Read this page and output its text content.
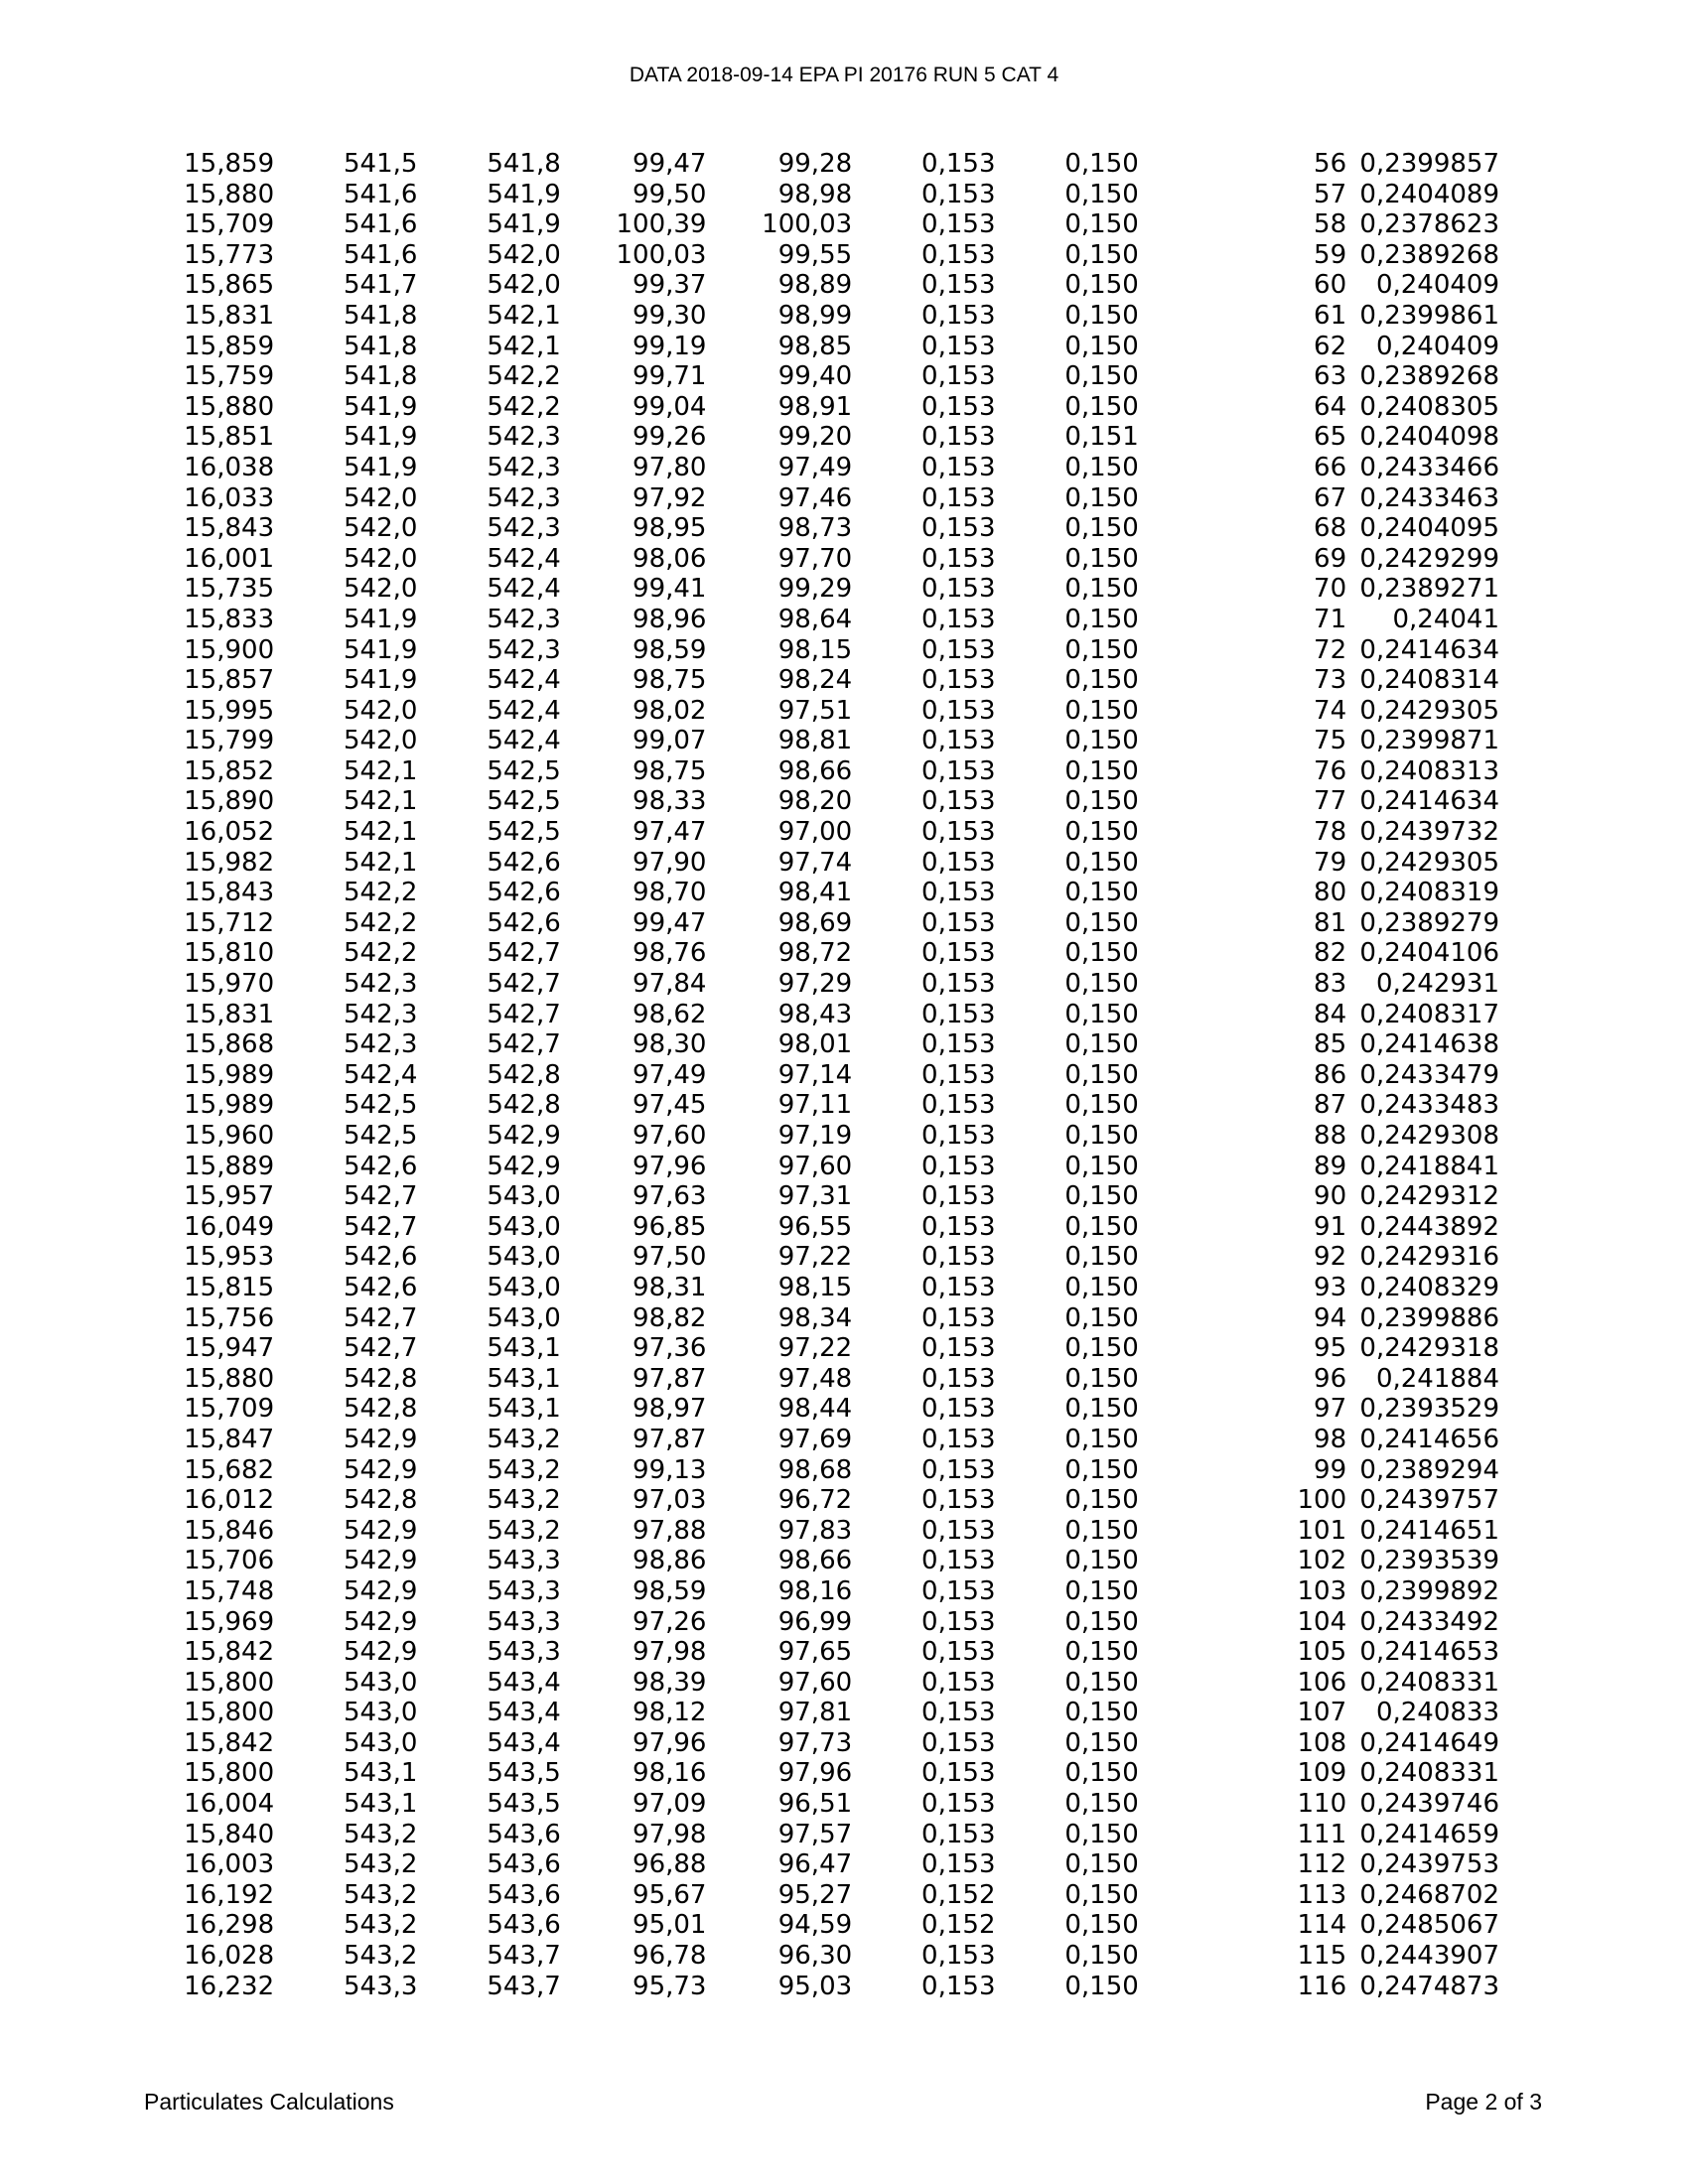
DATA 2018-09-14 EPA PI 20176 RUN 5 CAT 4
15,859	541,5	541,8	99,47	99,28	0,153	0,150	56	0,2399857
15,880	541,6	541,9	99,50	98,98	0,153	0,150	57	0,2404089
15,709	541,6	541,9	100,39	100,03	0,153	0,150	58	0,2378623
15,773	541,6	542,0	100,03	99,55	0,153	0,150	59	0,2389268
15,865	541,7	542,0	99,37	98,89	0,153	0,150	60	0,240409
15,831	541,8	542,1	99,30	98,99	0,153	0,150	61	0,2399861
15,859	541,8	542,1	99,19	98,85	0,153	0,150	62	0,240409
15,759	541,8	542,2	99,71	99,40	0,153	0,150	63	0,2389268
15,880	541,9	542,2	99,04	98,91	0,153	0,150	64	0,2408305
15,851	541,9	542,3	99,26	99,20	0,153	0,151	65	0,2404098
16,038	541,9	542,3	97,80	97,49	0,153	0,150	66	0,2433466
16,033	542,0	542,3	97,92	97,46	0,153	0,150	67	0,2433463
15,843	542,0	542,3	98,95	98,73	0,153	0,150	68	0,2404095
16,001	542,0	542,4	98,06	97,70	0,153	0,150	69	0,2429299
15,735	542,0	542,4	99,41	99,29	0,153	0,150	70	0,2389271
15,833	541,9	542,3	98,96	98,64	0,153	0,150	71	0,24041
15,900	541,9	542,3	98,59	98,15	0,153	0,150	72	0,2414634
15,857	541,9	542,4	98,75	98,24	0,153	0,150	73	0,2408314
15,995	542,0	542,4	98,02	97,51	0,153	0,150	74	0,2429305
15,799	542,0	542,4	99,07	98,81	0,153	0,150	75	0,2399871
15,852	542,1	542,5	98,75	98,66	0,153	0,150	76	0,2408313
15,890	542,1	542,5	98,33	98,20	0,153	0,150	77	0,2414634
16,052	542,1	542,5	97,47	97,00	0,153	0,150	78	0,2439732
15,982	542,1	542,6	97,90	97,74	0,153	0,150	79	0,2429305
15,843	542,2	542,6	98,70	98,41	0,153	0,150	80	0,2408319
15,712	542,2	542,6	99,47	98,69	0,153	0,150	81	0,2389279
15,810	542,2	542,7	98,76	98,72	0,153	0,150	82	0,2404106
15,970	542,3	542,7	97,84	97,29	0,153	0,150	83	0,242931
15,831	542,3	542,7	98,62	98,43	0,153	0,150	84	0,2408317
15,868	542,3	542,7	98,30	98,01	0,153	0,150	85	0,2414638
15,989	542,4	542,8	97,49	97,14	0,153	0,150	86	0,2433479
15,989	542,5	542,8	97,45	97,11	0,153	0,150	87	0,2433483
15,960	542,5	542,9	97,60	97,19	0,153	0,150	88	0,2429308
15,889	542,6	542,9	97,96	97,60	0,153	0,150	89	0,2418841
15,957	542,7	543,0	97,63	97,31	0,153	0,150	90	0,2429312
16,049	542,7	543,0	96,85	96,55	0,153	0,150	91	0,2443892
15,953	542,6	543,0	97,50	97,22	0,153	0,150	92	0,2429316
15,815	542,6	543,0	98,31	98,15	0,153	0,150	93	0,2408329
15,756	542,7	543,0	98,82	98,34	0,153	0,150	94	0,2399886
15,947	542,7	543,1	97,36	97,22	0,153	0,150	95	0,2429318
15,880	542,8	543,1	97,87	97,48	0,153	0,150	96	0,241884
15,709	542,8	543,1	98,97	98,44	0,153	0,150	97	0,2393529
15,847	542,9	543,2	97,87	97,69	0,153	0,150	98	0,2414656
15,682	542,9	543,2	99,13	98,68	0,153	0,150	99	0,2389294
16,012	542,8	543,2	97,03	96,72	0,153	0,150	100	0,2439757
15,846	542,9	543,2	97,88	97,83	0,153	0,150	101	0,2414651
15,706	542,9	543,3	98,86	98,66	0,153	0,150	102	0,2393539
15,748	542,9	543,3	98,59	98,16	0,153	0,150	103	0,2399892
15,969	542,9	543,3	97,26	96,99	0,153	0,150	104	0,2433492
15,842	542,9	543,3	97,98	97,65	0,153	0,150	105	0,2414653
15,800	543,0	543,4	98,39	97,60	0,153	0,150	106	0,2408331
15,800	543,0	543,4	98,12	97,81	0,153	0,150	107	0,240833
15,842	543,0	543,4	97,96	97,73	0,153	0,150	108	0,2414649
15,800	543,1	543,5	98,16	97,96	0,153	0,150	109	0,2408331
16,004	543,1	543,5	97,09	96,51	0,153	0,150	110	0,2439746
15,840	543,2	543,6	97,98	97,57	0,153	0,150	111	0,2414659
16,003	543,2	543,6	96,88	96,47	0,153	0,150	112	0,2439753
16,192	543,2	543,6	95,67	95,27	0,152	0,150	113	0,2468702
16,298	543,2	543,6	95,01	94,59	0,152	0,150	114	0,2485067
16,028	543,2	543,7	96,78	96,30	0,153	0,150	115	0,2443907
16,232	543,3	543,7	95,73	95,03	0,153	0,150	116	0,2474873
Particulates Calculations	Page 2 of 3
